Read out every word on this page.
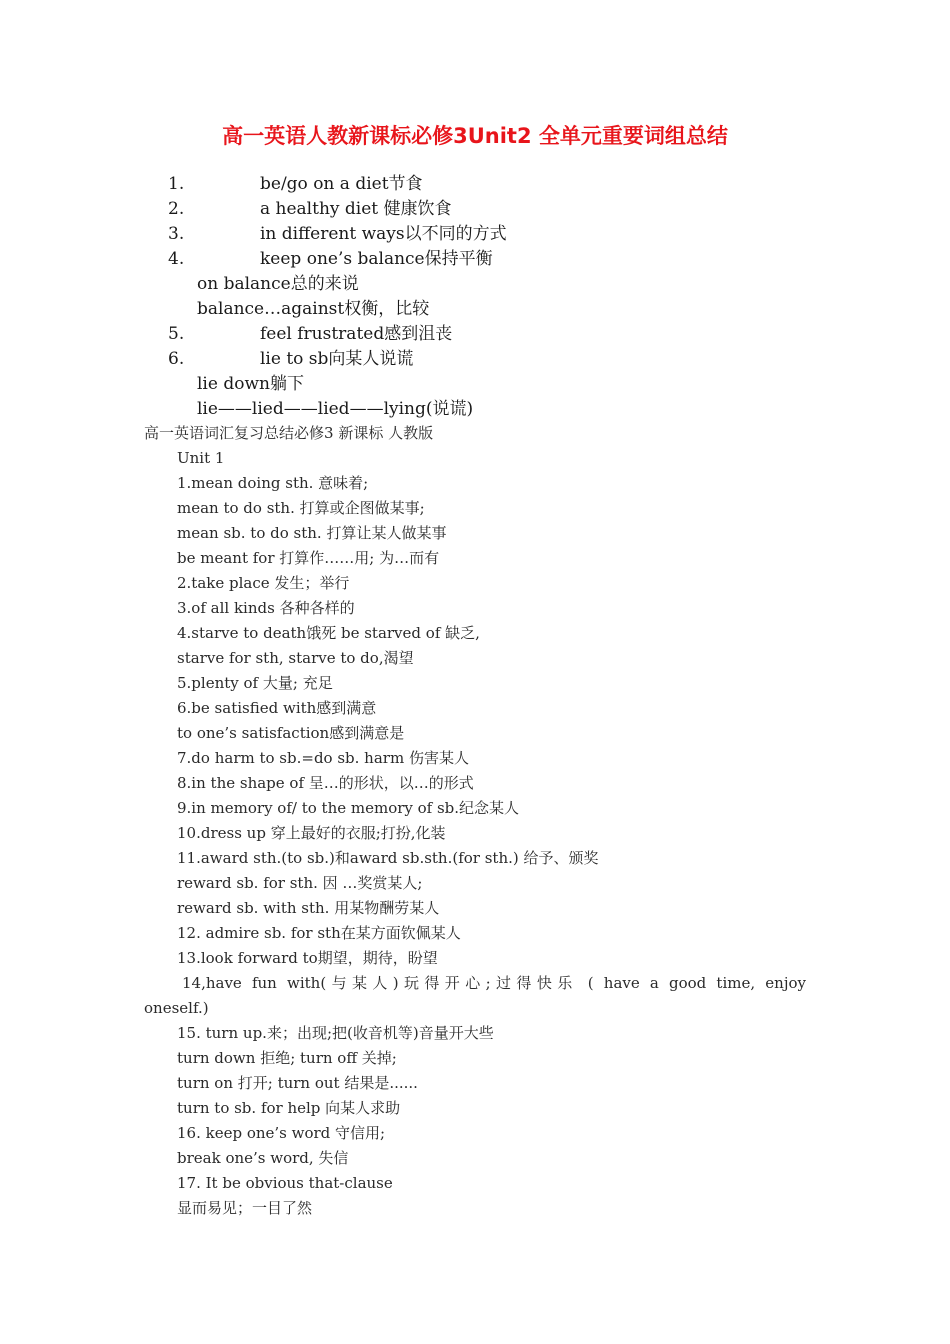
高一英语人教新课标必修3Unit2 全单元重要词组总结
1.	be/go on a diet节食
2.	a healthy diet 健康饮食
3.	in different ways以不同的方式
4.	keep one’s balance保持平衡
on balance总的来说
balance…against权衡，比较
5.	feel frustrated感到沮丧
6.	lie to sb向某人说谎
lie down躺下
lie——lied——lied——lying(说谎)
高一英语词汇复习总结必修3 新课标 人教版
Unit 1
1.mean doing sth. 意味着;
mean to do sth. 打算或企图做某事;
mean sb. to do sth. 打算让某人做某事
be meant for 打算作……用; 为…而有
2.take place 发生；举行
3.of all kinds 各种各样的
4.starve to death饿死 be starved of 缺乏,
starve for sth, starve to do,渴望
5.plenty of 大量; 充足
6.be satisfied with感到满意
to one’s satisfaction感到满意是
7.do harm to sb.=do sb. harm 伤害某人
8.in the shape of 呈…的形状，以…的形式
9.in memory of/ to the memory of sb.纪念某人
10.dress up 穿上最好的衣服;打扮,化装
11.award sth.(to sb.)和award sb.sth.(for sth.) 给予、颁奖
reward sb. for sth. 因 …奖赏某人;
reward sb. with sth. 用某物酬劳某人
12. admire sb. for sth在某方面钦佩某人
13.look forward to期望，期待，盼望
14,have fun with(与某人)玩得开心;过得快乐 ( have a good time, enjoy
oneself.)
15. turn up.来；出现;把(收音机等)音量开大些
turn down 拒绝; turn off 关掉;
turn on 打开; turn out 结果是......
turn to sb. for help 向某人求助
16. keep one’s word 守信用;
break one’s word, 失信
17. It be obvious that-clause
显而易见；一目了然
